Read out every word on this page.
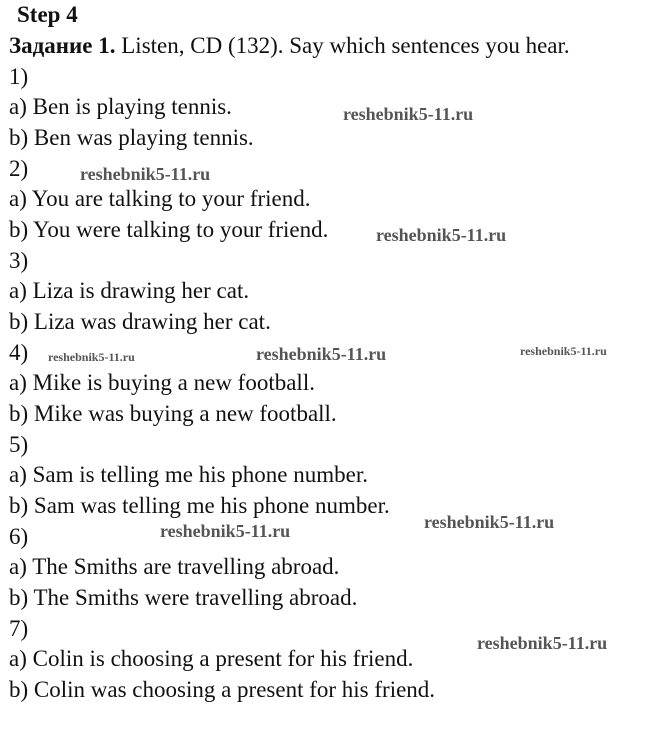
Step 4
Задание 1. Listen, CD (132). Say which sentences you hear.
1)
a) Ben is playing tennis.
b) Ben was playing tennis.
2)
a) You are talking to your friend.
b) You were talking to your friend.
3)
a) Liza is drawing her cat.
b) Liza was drawing her cat.
4)
a) Mike is buying a new football.
b) Mike was buying a new football.
5)
a) Sam is telling me his phone number.
b) Sam was telling me his phone number.
6)
a) The Smiths are travelling abroad.
b) The Smiths were travelling abroad.
7)
a) Colin is choosing a present for his friend.
b) Colin was choosing a present for his friend.
reshebnik5-11.ru
reshebnik5-11.ru
reshebnik5-11.ru
reshebnik5-11.ru	reshebnik5-11.ru	reshebnik5-11.ru
reshebnik5-11.ru	reshebnik5-11.ru
reshebnik5-11.ru
